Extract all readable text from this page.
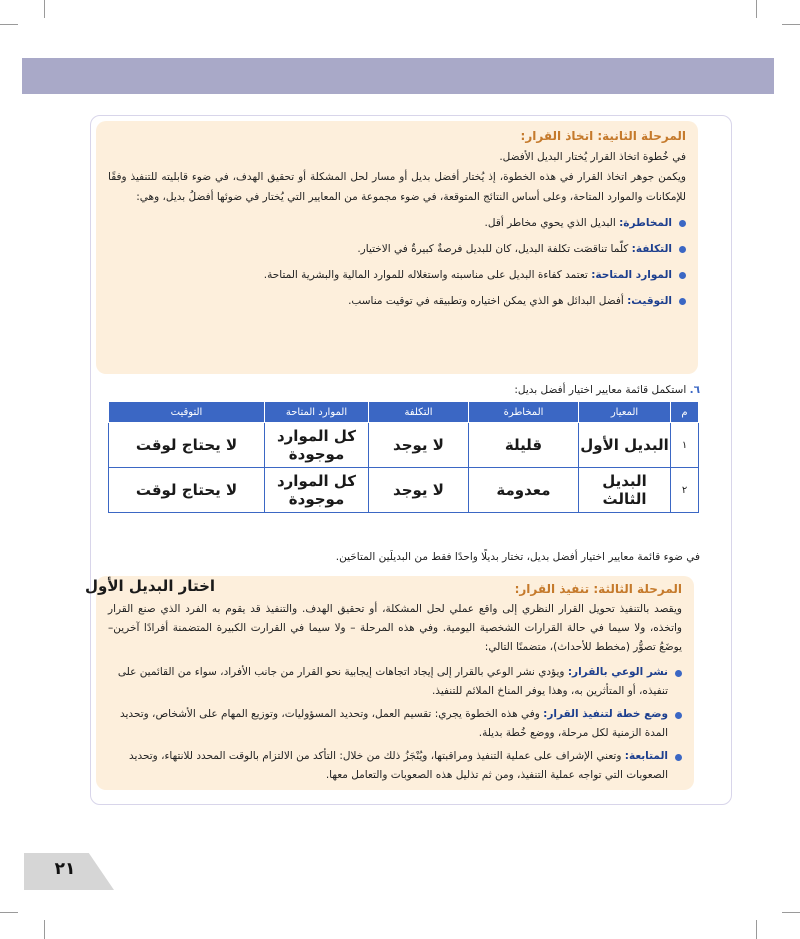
المرحلة الثانية: اتخاذ القرار:

في خُطوة اتخاذ القرار يُختار البديل الأفضل.

ويكمن جوهر اتخاذ القرار في هذه الخطوة، إذ يُختار أفضل بديل أو مسار لحل المشكلة أو تحقيق الهدف، في ضوء قابليته للتنفيذ وفقًا للإمكانات والموارد المتاحة، وعلى أساس النتائج المتوقعة، في ضوء مجموعة من المعايير التي يُختار في ضوئها أفضلُ بديل، وهي:

المخاطرة: البديل الذي يحوي مخاطر أقل.
التكلفة: كلّما تناقصَت تكلفة البديل، كان للبديل فرصةٌ كبيرةٌ في الاختيار.
الموارد المتاحة: تعتمد كفاءة البديل على مناسبته واستغلاله للموارد المالية والبشرية المتاحة.
التوقيت: أفضل البدائل هو الذي يمكن اختياره وتطبيقه في توقيت مناسب.
٦. استكمل قائمة معايير اختيار أفضل بديل:
م	المعيار	المخاطرة	التكلفة	الموارد المتاحة	التوقيت
١	البديل الأول	قليلة	لا يوجد	كل الموارد موجودة	لا يحتاج لوقت
٢	البديل الثالث	معدومة	لا يوجد	كل الموارد موجودة	لا يحتاج لوقت
في ضوء قائمة معايير اختيار أفضل بديل، تختار بديلًا واحدًا فقط من البديلَين المتاحَين.

المرحلة الثالثة: تنفيذ القرار:

ويقصد بالتنفيذ تحويل القرار النظري إلى واقع عملي لحل المشكلة، أو تحقيق الهدف. والتنفيذ قد يقوم به الفرد الذي صنع القرار واتخذه، ولا سيما في حالة القرارات الشخصية اليومية. وفي هذه المرحلة – ولا سيما في القرارت الكبيرة المتضمنة أفرادًا آخرين– يوضَعُ تصوُّر (مخطط للأحداث)، متضمنًا التالي:

نشر الوعي بالقرار: ويؤدي نشر الوعي بالقرار إلى إيجاد اتجاهات إيجابية نحو القرار من جانب الأفراد، سواء من القائمين على تنفيذه، أو المتأثرين به، وهذا يوفر المناخ الملائم للتنفيذ.
وضع خطة لتنفيذ القرار: وفي هذه الخطوة يجري: تقسيم العمل، وتحديد المسؤوليات، وتوزيع المهام على الأشخاص، وتحديد المدة الزمنية لكل مرحلة، ووضع خُطة بديلة.
المتابعة: وتعني الإشراف على عملية التنفيذ ومراقبتها، ويُنْجَزُ ذلك من خلال: التأكد من الالتزام بالوقت المحدد للانتهاء، وتحديد الصعوبات التي تواجه عملية التنفيذ، ومن ثم تذليل هذه الصعوبات والتعامل معها.
اختار البديل الأول
٢١
